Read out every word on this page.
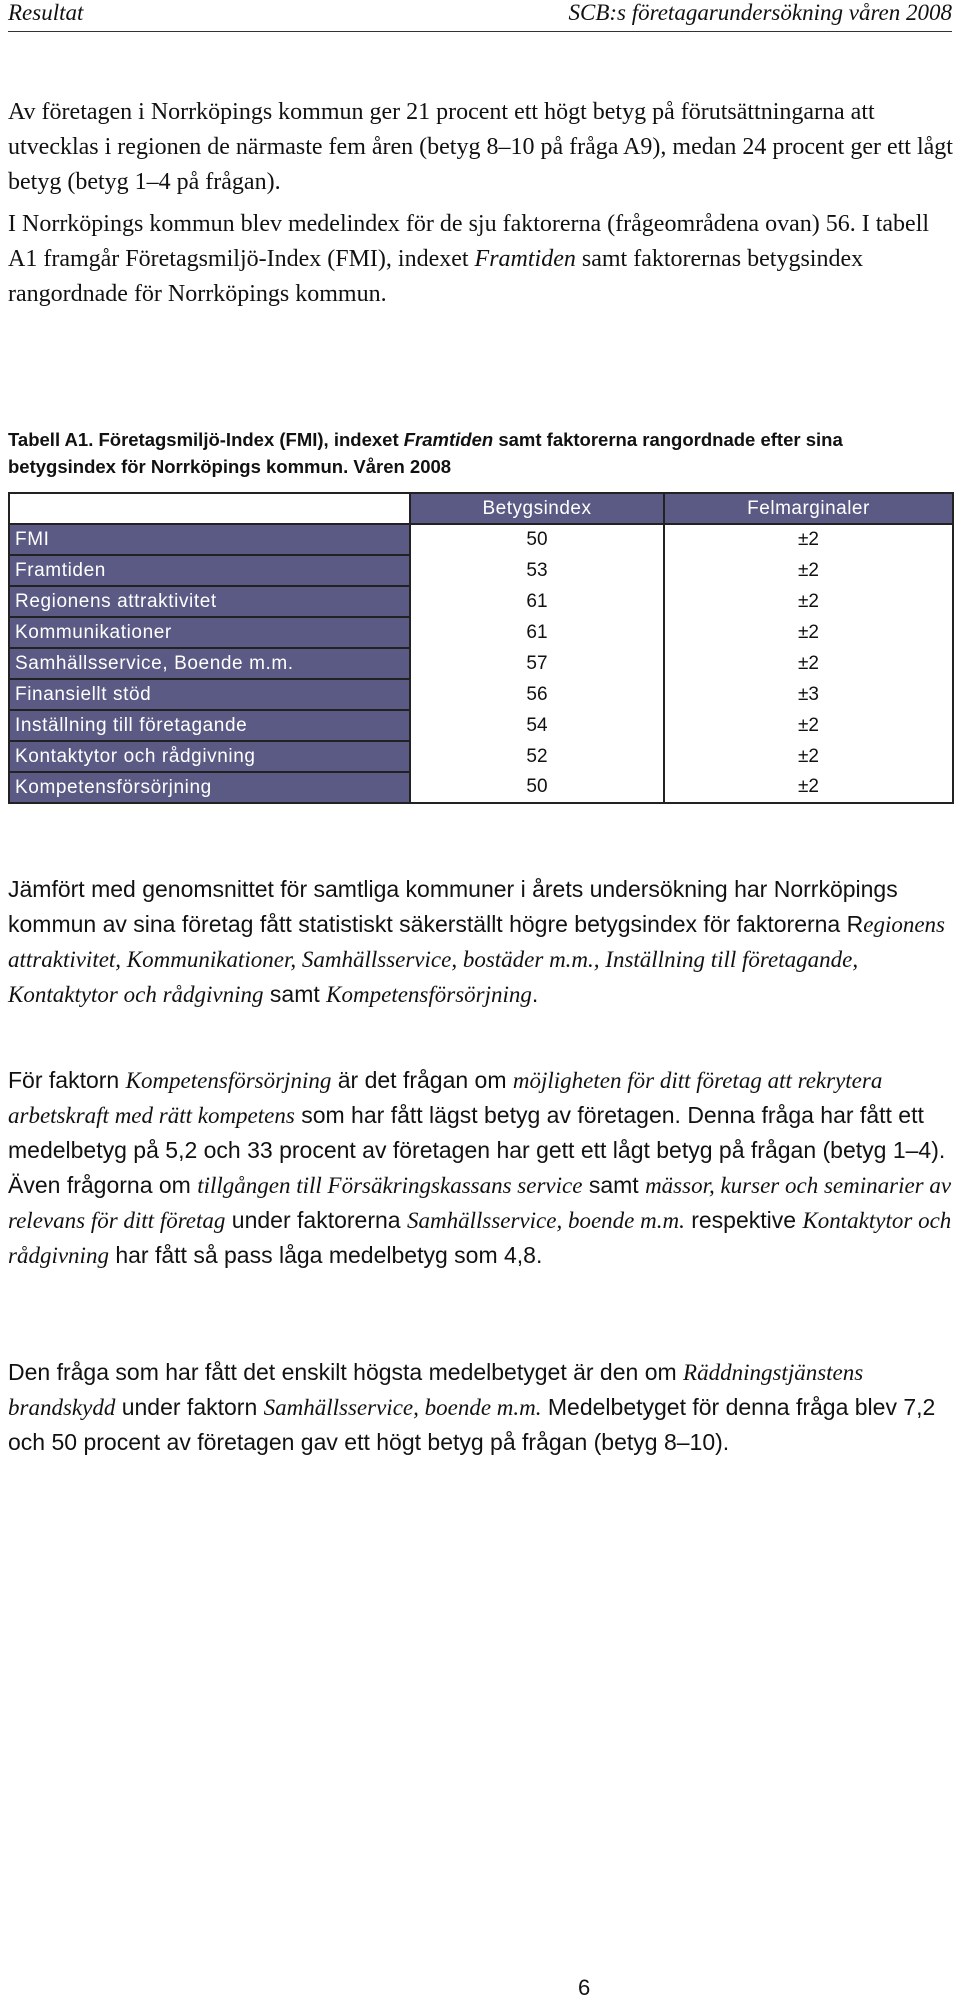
Resultat	SCB:s företagarundersökning våren 2008

Av företagen i Norrköpings kommun ger 21 procent ett högt betyg på förutsättningarna att utvecklas i regionen de närmaste fem åren (betyg 8–10 på fråga A9), medan 24 procent ger ett lågt betyg (betyg 1–4 på frågan).

I Norrköpings kommun blev medelindex för de sju faktorerna (frågeområdena ovan) 56. I tabell A1 framgår Företagsmiljö-Index (FMI), indexet Framtiden samt faktorernas betygsindex rangordnade för Norrköpings kommun.

Tabell A1. Företagsmiljö-Index (FMI), indexet Framtiden samt faktorerna rangordnade efter sina betygsindex för Norrköpings kommun. Våren 2008
	Betygsindex	Felmarginaler
FMI	50	±2
Framtiden	53	±2
Regionens attraktivitet	61	±2
Kommunikationer	61	±2
Samhällsservice, Boende m.m.	57	±2
Finansiellt stöd	56	±3
Inställning till företagande	54	±2
Kontaktytor och rådgivning	52	±2
Kompetensförsörjning	50	±2

Jämfört med genomsnittet för samtliga kommuner i årets undersökning har Norrköpings kommun av sina företag fått statistiskt säkerställt högre betygsindex för faktorerna Regionens attraktivitet, Kommunikationer, Samhällsservice, bostäder m.m., Inställning till företagande, Kontaktytor och rådgivning samt Kompetensförsörjning.

För faktorn Kompetensförsörjning är det frågan om möjligheten för ditt företag att rekrytera arbetskraft med rätt kompetens som har fått lägst betyg av företagen. Denna fråga har fått ett medelbetyg på 5,2 och 33 procent av företagen har gett ett lågt betyg på frågan (betyg 1–4). Även frågorna om tillgången till Försäkringskassans service samt mässor, kurser och seminarier av relevans för ditt företag under faktorerna Samhällsservice, boende m.m. respektive Kontaktytor och rådgivning har fått så pass låga medelbetyg som 4,8.

Den fråga som har fått det enskilt högsta medelbetyget är den om Räddningstjänstens brandskydd under faktorn Samhällsservice, boende m.m. Medelbetyget för denna fråga blev 7,2 och 50 procent av företagen gav ett högt betyg på frågan (betyg 8–10).

6
